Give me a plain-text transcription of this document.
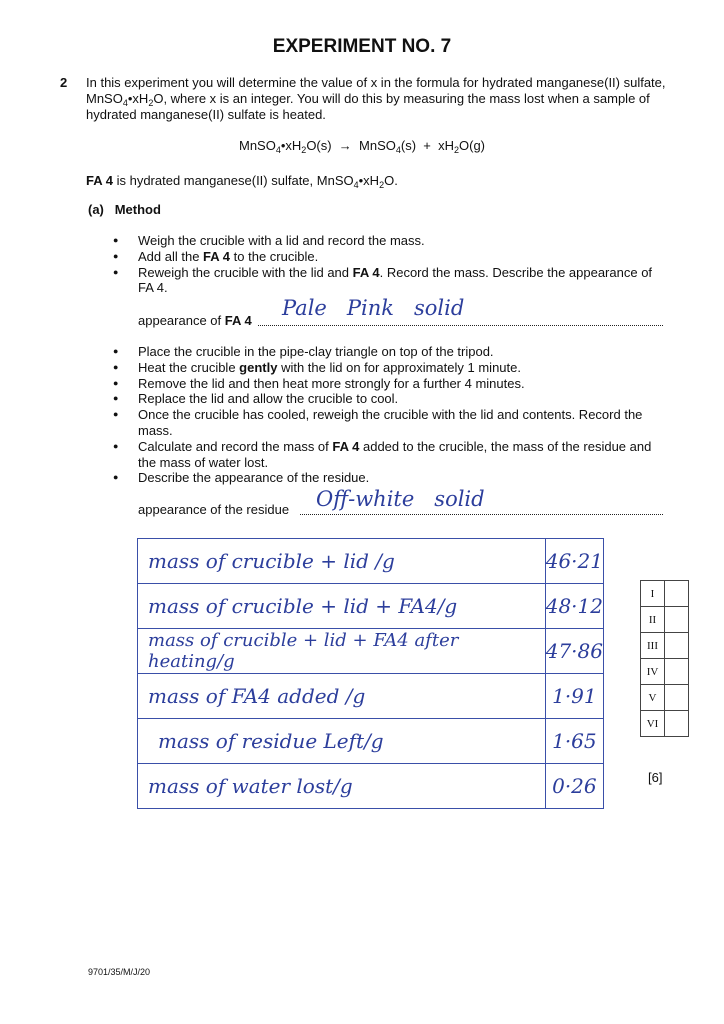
EXPERIMENT NO. 7
2 In this experiment you will determine the value of x in the formula for hydrated manganese(II) sulfate,
$MnSO_4•xH_2O$, where x is an integer. You will do this by measuring the mass lost when a sample of
hydrated manganese(II) sulfate is heated.
$MnSO_4•xH_2O(s)$  →  MnSO$_4$(s)  +  $xH_2O(g)$
FA 4 is hydrated manganese(II) sulfate, $MnSO_4•xH_2O$.
(a)   Method
● Weigh the crucible with a lid and record the mass.
● Add all the FA 4 to the crucible.
● Reweigh the crucible with the lid and FA 4. Record the mass. Describe the appearance of FA 4.
appearance of FA 4
Pale   Pink   solid
● Place the crucible in the pipe-clay triangle on top of the tripod.
● Heat the crucible gently with the lid on for approximately 1 minute.
● Remove the lid and then heat more strongly for a further 4 minutes.
● Replace the lid and allow the crucible to cool.
● Once the crucible has cooled, reweigh the crucible with the lid and contents. Record the mass.
● Calculate and record the mass of FA 4 added to the crucible, the mass of the residue and the mass of water lost.
● Describe the appearance of the residue.
appearance of the residue Off-white   solid
mass of crucible + lid /g	46·21
mass of crucible + lid + FA4/g	48·12
mass of crucible + lid + FA4 after heating/g	47·86
mass of FA4 added /g	1·91
mass of residue Left/g	1·65
mass of water lost/g	0·26
I	
II	
III	
IV	
V	
VI	
[6]
9701/35/M/J/20
